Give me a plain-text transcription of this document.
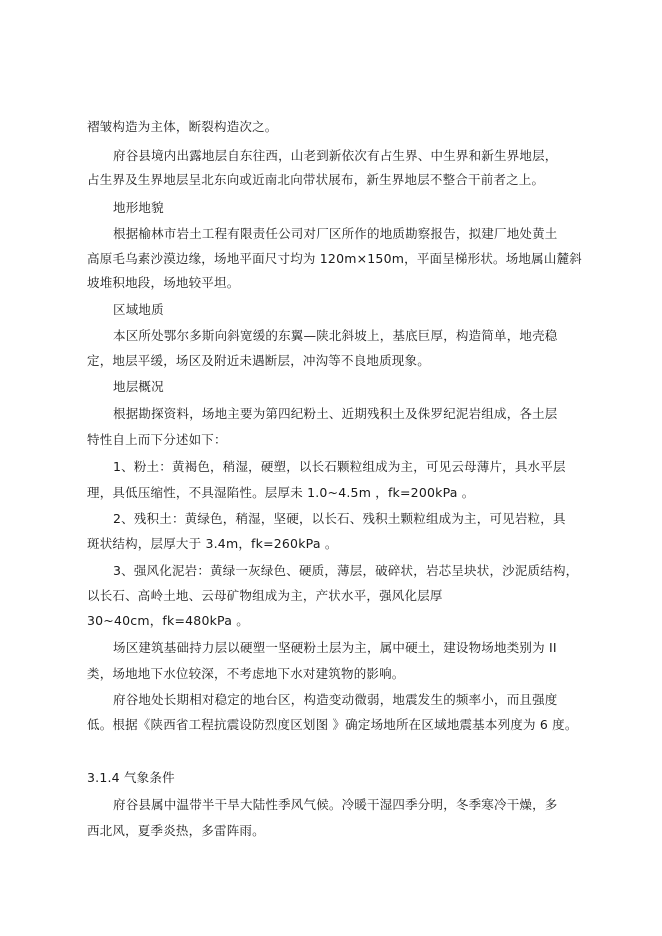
褶皱构造为主体，断裂构造次之。
府谷县境内出露地层自东往西，山老到新依次有占生界、中生界和新生界地层，
占生界及生界地层呈北东向或近南北向带状展布，新生界地层不整合干前者之上。
地形地貌
根据榆林市岩土工程有限责任公司对厂区所作的地质勘察报告，拟建厂地处黄土
高原毛乌素沙漠边缘，场地平面尺寸均为 120m×150m，平面呈梯形状。场地属山麓斜
坡堆积地段，场地较平坦。
区域地质
本区所处鄂尔多斯向斜宽缓的东翼—陕北斜坡上，基底巨厚，构造简单，地壳稳
定，地层平缓，场区及附近未遇断层，冲沟等不良地质现象。
地层概况
根据勘探资料，场地主要为第四纪粉土、近期残积土及侏罗纪泥岩组成，各土层
特性自上而下分述如下：
1、粉土：黄褐色，稍湿，硬塑，以长石颗粒组成为主，可见云母薄片，具水平层
理，具低压缩性，不具湿陷性。层厚未 1.0~4.5m ，fk=200kPa 。
2、残积土：黄绿色，稍湿，坚硬，以长石、残积土颗粒组成为主，可见岩粒，具
斑状结构，层厚大于 3.4m，fk=260kPa 。
3、强风化泥岩：黄绿一灰绿色、硬质，薄层，破碎状，岩芯呈块状，沙泥质结构，
以长石、高岭土地、云母矿物组成为主，产状水平，强风化层厚
30~40cm，fk=480kPa 。
场区建筑基础持力层以硬塑一坚硬粉土层为主，属中硬土，建设物场地类别为 II
类，场地地下水位较深，不考虑地下水对建筑物的影响。
府谷地处长期相对稳定的地台区，构造变动微弱，地震发生的频率小，而且强度
低。根据《陕西省工程抗震设防烈度区划图 》确定场地所在区域地震基本列度为 6 度。
3.1.4 气象条件
府谷县属中温带半干旱大陆性季风气候。冷暖干湿四季分明，冬季寒冷干燥，多
西北风，夏季炎热，多雷阵雨。
